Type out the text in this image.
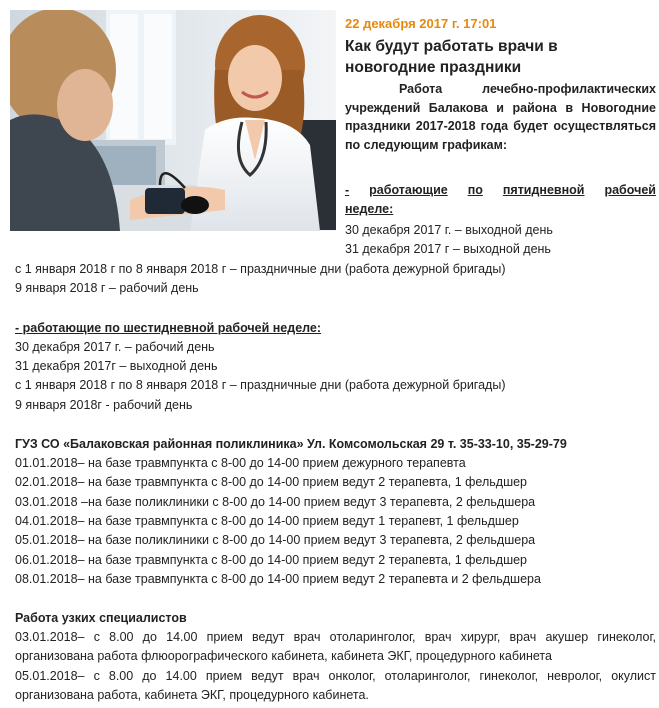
22 декабря 2017 г. 17:01
Как будут работать врачи в новогодние праздники
Работа лечебно-профилактических учреждений Балакова и района в Новогодние праздники 2017-2018 года будет осуществляться по следующим графикам:
- работающие по пятидневной рабочей
неделе:
30 декабря 2017 г. – выходной день
31 декабря 2017 г – выходной день
с 1 января 2018 г по 8 января 2018 г – праздничные дни (работа дежурной бригады)
9 января 2018 г – рабочий день
- работающие по шестидневной рабочей неделе:
30 декабря 2017 г. – рабочий день
31 декабря 2017г – выходной день
с 1 января 2018 г по 8 января 2018 г – праздничные дни (работа дежурной бригады)
9 января 2018г - рабочий день
ГУЗ СО «Балаковская районная поликлиника» Ул. Комсомольская 29 т. 35-33-10, 35-29-79
01.01.2018– на базе травмпункта с 8-00 до 14-00 прием дежурного терапевта
02.01.2018– на базе травмпункта с 8-00 до 14-00 прием ведут 2 терапевта, 1 фельдшер
03.01.2018 –на базе поликлиники с 8-00 до 14-00 прием ведут 3 терапевта, 2 фельдшера
04.01.2018– на базе травмпункта с 8-00 до 14-00 прием ведут 1 терапевт, 1 фельдшер
05.01.2018– на базе поликлиники с 8-00 до 14-00 прием ведут 3 терапевта, 2 фельдшера
06.01.2018– на базе травмпункта с 8-00 до 14-00 прием ведут 2 терапевта, 1 фельдшер
08.01.2018– на базе травмпункта с 8-00 до 14-00 прием ведут 2 терапевта и 2 фельдшера
Работа узких специалистов
03.01.2018– с 8.00 до 14.00 прием ведут врач отоларинголог, врач хирург, врач акушер гинеколог, организована работа флюорографического кабинета, кабинета ЭКГ, процедурного кабинета
05.01.2018– с 8.00 до 14.00 прием ведут врач онколог, отоларинголог, гинеколог, невролог, окулист организована работа, кабинета ЭКГ, процедурного кабинета.
